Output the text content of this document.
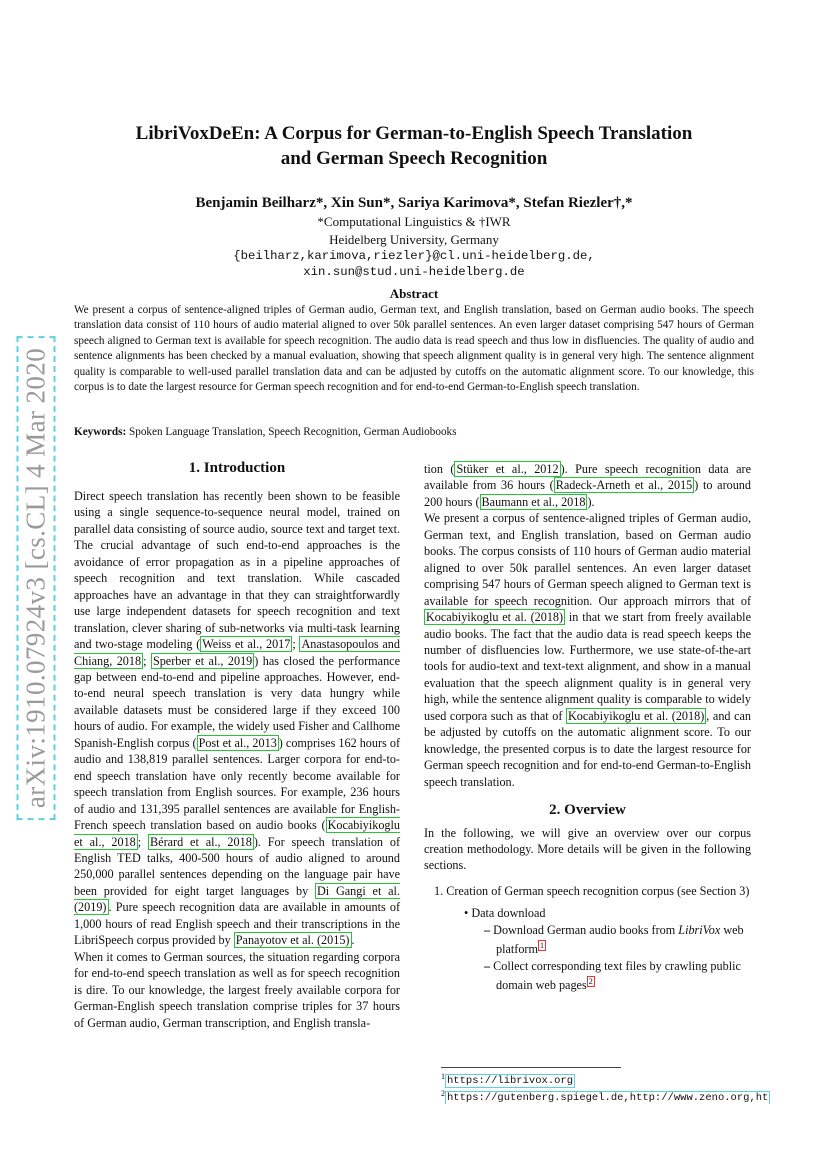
arXiv:1910.07924v3 [cs.CL] 4 Mar 2020
LibriVoxDeEn: A Corpus for German-to-English Speech Translation
and German Speech Recognition
Benjamin Beilharz*, Xin Sun*, Sariya Karimova*, Stefan Riezler†,*
*Computational Linguistics & †IWR
Heidelberg University, Germany
{beilharz,karimova,riezler}@cl.uni-heidelberg.de,
xin.sun@stud.uni-heidelberg.de
Abstract
We present a corpus of sentence-aligned triples of German audio, German text, and English translation, based on German audio books. The speech translation data consist of 110 hours of audio material aligned to over 50k parallel sentences. An even larger dataset comprising 547 hours of German speech aligned to German text is available for speech recognition. The audio data is read speech and thus low in disfluencies. The quality of audio and sentence alignments has been checked by a manual evaluation, showing that speech alignment quality is in general very high. The sentence alignment quality is comparable to well-used parallel translation data and can be adjusted by cutoffs on the automatic alignment score. To our knowledge, this corpus is to date the largest resource for German speech recognition and for end-to-end German-to-English speech translation.
Keywords: Spoken Language Translation, Speech Recognition, German Audiobooks
1. Introduction

Direct speech translation has recently been shown to be feasible using a single sequence-to-sequence neural model, trained on parallel data consisting of source audio, source text and target text. The crucial advantage of such end-to-end approaches is the avoidance of error propagation as in a pipeline approaches of speech recognition and text translation. While cascaded approaches have an advantage in that they can straightforwardly use large independent datasets for speech recognition and text translation, clever sharing of sub-networks via multi-task learning and two-stage modeling ( Weiss et al., 2017 ; Anastasopoulos and Chiang, 2018 ; Sperber et al., 2019 ) has closed the performance gap between end-to-end and pipeline approaches. However, end-to-end neural speech translation is very data hungry while available datasets must be considered large if they exceed 100 hours of audio. For example, the widely used Fisher and Callhome Spanish-English corpus ( Post et al., 2013 ) comprises 162 hours of audio and 138,819 parallel sentences. Larger corpora for end-to-end speech translation have only recently become available for speech translation from English sources. For example, 236 hours of audio and 131,395 parallel sentences are available for English-French speech translation based on audio books ( Kocabiyikoglu et al., 2018 ; Bérard et al., 2018 ). For speech translation of English TED talks, 400-500 hours of audio aligned to around 250,000 parallel sentences depending on the language pair have been provided for eight target languages by Di Gangi et al. (2019) . Pure speech recognition data are available in amounts of 1,000 hours of read English speech and their transcriptions in the LibriSpeech corpus provided by Panayotov et al. (2015) .

When it comes to German sources, the situation regarding corpora for end-to-end speech translation as well as for speech recognition is dire. To our knowledge, the largest freely available corpora for German-English speech translation comprise triples for 37 hours of German audio, German transcription, and English transla-

tion ( Stüker et al., 2012 ). Pure speech recognition data are available from 36 hours ( Radeck-Arneth et al., 2015 ) to around 200 hours ( Baumann et al., 2018 ).

We present a corpus of sentence-aligned triples of German audio, German text, and English translation, based on German audio books. The corpus consists of 110 hours of German audio material aligned to over 50k parallel sentences. An even larger dataset comprising 547 hours of German speech aligned to German text is available for speech recognition. Our approach mirrors that of Kocabiyikoglu et al. (2018) in that we start from freely available audio books. The fact that the audio data is read speech keeps the number of disfluencies low. Furthermore, we use state-of-the-art tools for audio-text and text-text alignment, and show in a manual evaluation that the speech alignment quality is in general very high, while the sentence alignment quality is comparable to widely used corpora such as that of Kocabiyikoglu et al. (2018) , and can be adjusted by cutoffs on the automatic alignment score. To our knowledge, the presented corpus is to date the largest resource for German speech recognition and for end-to-end German-to-English speech translation.

2. Overview

In the following, we will give an overview over our corpus creation methodology. More details will be given in the following sections.

1. Creation of German speech recognition corpus (see Section 3)
• Data download
– Download German audio books from LibriVox web platform $^1$
– Collect corresponding text files by crawling public domain web pages $^2$
$^1$ https://librivox.org
$^2$ https://gutenberg.spiegel.de,http://www.zeno.org,ht
